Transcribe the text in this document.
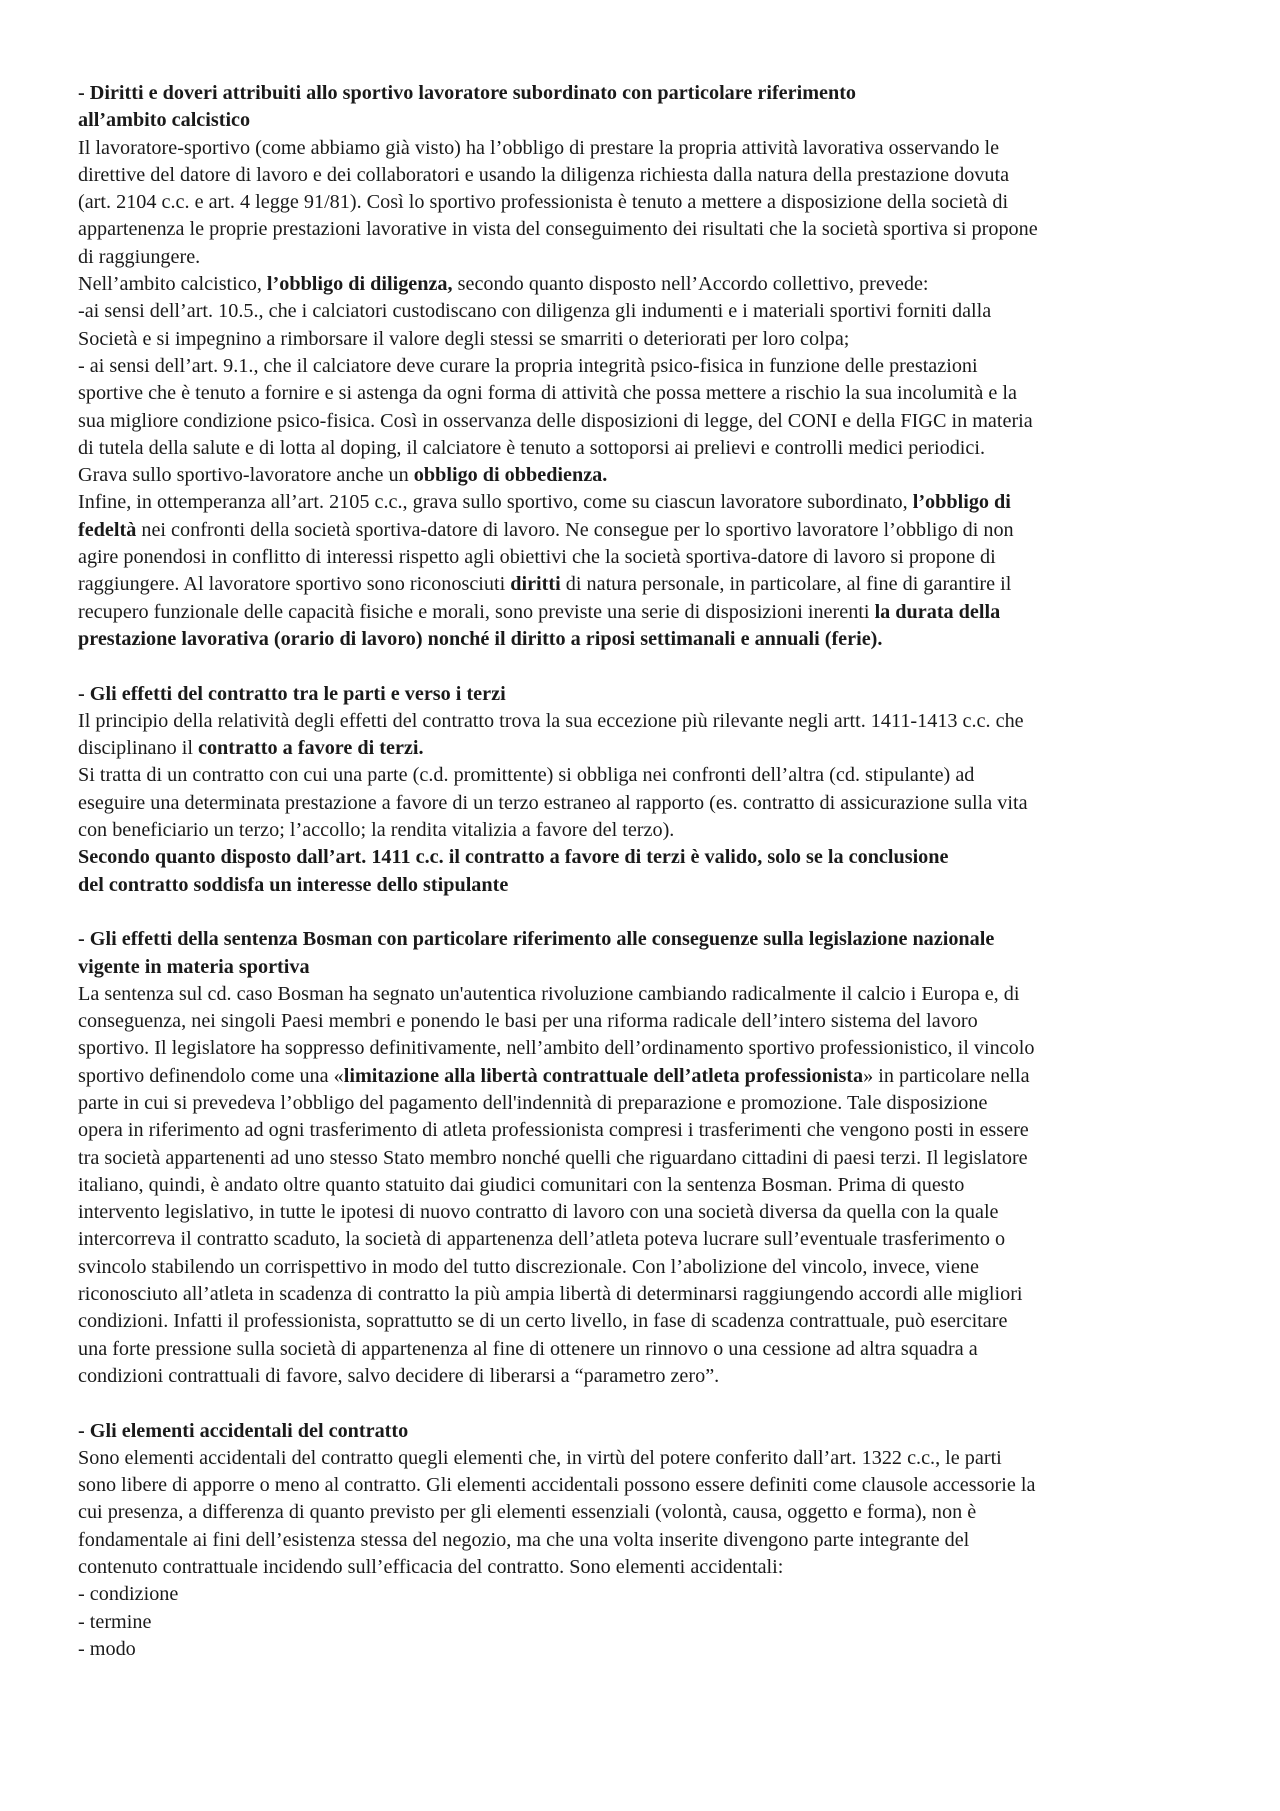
- Diritti e doveri attribuiti allo sportivo lavoratore subordinato con particolare riferimento
all’ambito calcistico
Il lavoratore-sportivo (come abbiamo già visto) ha l’obbligo di prestare la propria attività lavorativa osservando le
direttive del datore di lavoro e dei collaboratori e usando la diligenza richiesta dalla natura della prestazione dovuta
(art. 2104 c.c. e art. 4 legge 91/81). Così lo sportivo professionista è tenuto a mettere a disposizione della società di
appartenenza le proprie prestazioni lavorative in vista del conseguimento dei risultati che la società sportiva si propone
di raggiungere.
Nell’ambito calcistico, l’obbligo di diligenza, secondo quanto disposto nell’Accordo collettivo, prevede:
-ai sensi dell’art. 10.5., che i calciatori custodiscano con diligenza gli indumenti e i materiali sportivi forniti dalla
Società e si impegnino a rimborsare il valore degli stessi se smarriti o deteriorati per loro colpa;
- ai sensi dell’art. 9.1., che il calciatore deve curare la propria integrità psico-fisica in funzione delle prestazioni
sportive che è tenuto a fornire e si astenga da ogni forma di attività che possa mettere a rischio la sua incolumità e la
sua migliore condizione psico-fisica. Così in osservanza delle disposizioni di legge, del CONI e della FIGC in materia
di tutela della salute e di lotta al doping, il calciatore è tenuto a sottoporsi ai prelievi e controlli medici periodici.
Grava sullo sportivo-lavoratore anche un obbligo di obbedienza.
Infine, in ottemperanza all’art. 2105 c.c., grava sullo sportivo, come su ciascun lavoratore subordinato, l’obbligo di
fedeltà nei confronti della società sportiva-datore di lavoro. Ne consegue per lo sportivo lavoratore l’obbligo di non
agire ponendosi in conflitto di interessi rispetto agli obiettivi che la società sportiva-datore di lavoro si propone di
raggiungere. Al lavoratore sportivo sono riconosciuti diritti di natura personale, in particolare, al fine di garantire il
recupero funzionale delle capacità fisiche e morali, sono previste una serie di disposizioni inerenti la durata della
prestazione lavorativa (orario di lavoro) nonché il diritto a riposi settimanali e annuali (ferie).
- Gli effetti del contratto tra le parti e verso i terzi
Il principio della relatività degli effetti del contratto trova la sua eccezione più rilevante negli artt. 1411-1413 c.c. che
disciplinano il contratto a favore di terzi.
Si tratta di un contratto con cui una parte (c.d. promittente) si obbliga nei confronti dell’altra (cd. stipulante) ad
eseguire una determinata prestazione a favore di un terzo estraneo al rapporto (es. contratto di assicurazione sulla vita
con beneficiario un terzo; l’accollo; la rendita vitalizia a favore del terzo).
Secondo quanto disposto dall’art. 1411 c.c. il contratto a favore di terzi è valido, solo se la conclusione
del contratto soddisfa un interesse dello stipulante
- Gli effetti della sentenza Bosman con particolare riferimento alle conseguenze sulla legislazione nazionale
vigente in materia sportiva
La sentenza sul cd. caso Bosman ha segnato un'autentica rivoluzione cambiando radicalmente il calcio i Europa e, di
conseguenza, nei singoli Paesi membri e ponendo le basi per una riforma radicale dell’intero sistema del lavoro
sportivo. Il legislatore ha soppresso definitivamente, nell’ambito dell’ordinamento sportivo professionistico, il vincolo
sportivo definendolo come una «limitazione alla libertà contrattuale dell’atleta professionista» in particolare nella
parte in cui si prevedeva l’obbligo del pagamento dell'indennità di preparazione e promozione. Tale disposizione
opera in riferimento ad ogni trasferimento di atleta professionista compresi i trasferimenti che vengono posti in essere
tra società appartenenti ad uno stesso Stato membro nonché quelli che riguardano cittadini di paesi terzi. Il legislatore
italiano, quindi, è andato oltre quanto statuito dai giudici comunitari con la sentenza Bosman. Prima di questo
intervento legislativo, in tutte le ipotesi di nuovo contratto di lavoro con una società diversa da quella con la quale
intercorreva il contratto scaduto, la società di appartenenza dell’atleta poteva lucrare sull’eventuale trasferimento o
svincolo stabilendo un corrispettivo in modo del tutto discrezionale. Con l’abolizione del vincolo, invece, viene
riconosciuto all’atleta in scadenza di contratto la più ampia libertà di determinarsi raggiungendo accordi alle migliori
condizioni. Infatti il professionista, soprattutto se di un certo livello, in fase di scadenza contrattuale, può esercitare
una forte pressione sulla società di appartenenza al fine di ottenere un rinnovo o una cessione ad altra squadra a
condizioni contrattuali di favore, salvo decidere di liberarsi a “parametro zero”.
- Gli elementi accidentali del contratto
Sono elementi accidentali del contratto quegli elementi che, in virtù del potere conferito dall’art. 1322 c.c., le parti
sono libere di apporre o meno al contratto. Gli elementi accidentali possono essere definiti come clausole accessorie la
cui presenza, a differenza di quanto previsto per gli elementi essenziali (volontà, causa, oggetto e forma), non è
fondamentale ai fini dell’esistenza stessa del negozio, ma che una volta inserite divengono parte integrante del
contenuto contrattuale incidendo sull’efficacia del contratto. Sono elementi accidentali:
- condizione
- termine
- modo
